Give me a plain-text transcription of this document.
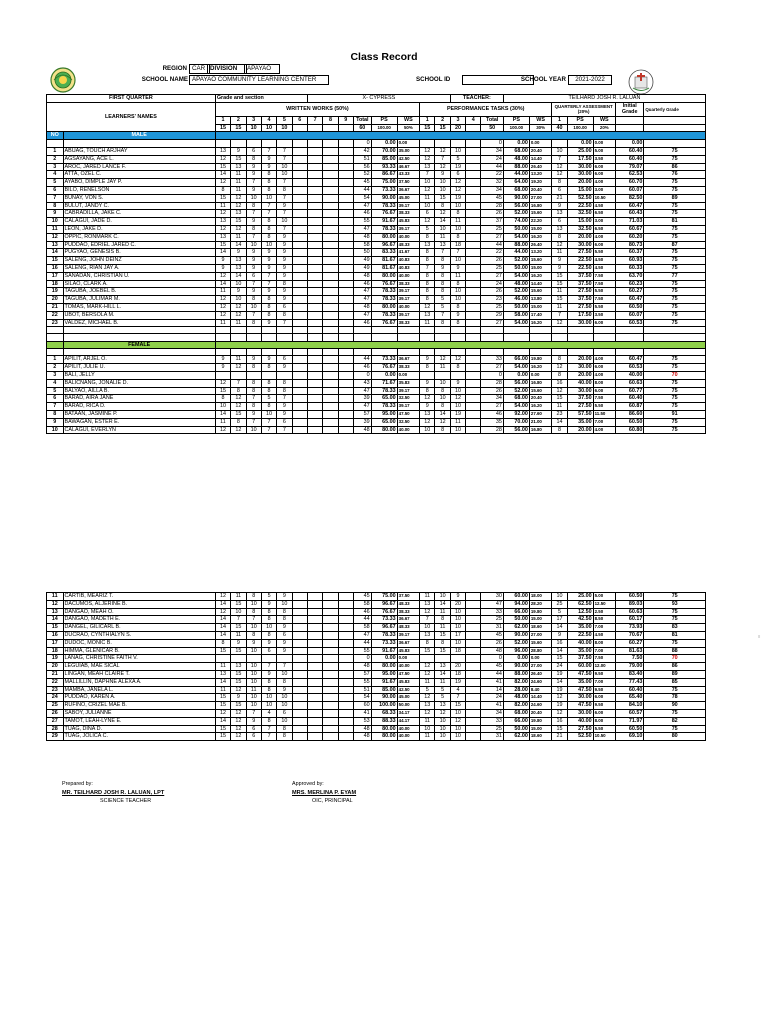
Class Record
REGION CAR DIVISION	APAYAO
SCHOOL NAME APAYAO COMMUNITY LEARNING CENTER	SCHOOL ID	SCHOOL YEAR	2021-2022
FIRST QUARTER		Grade and section						X- CYPRESS								TEACHER:			TEILHARD JOSH R. LALUAN						
LEARNERS' NAMES		WRITTEN WORKS (50%)												PERFORMANCE TASKS (30%)							QUARTERLY ASSESSMENT (20%)			Initial Grade	Quarterly Grade
		1	2	3	4	5	6	7	8	9	Total	PS	WS	1	2	3	4	Total	PS	WS	1	PS	WS		
		15	15	10	10	10					60	100.00	50%	15	15	20		50	100.00	30%	40	100.00	20%		
NO	MALE																								
											0	0.00	0.00					0	0.00	0.00		0.00	0.00	0.00	
1	ABUAG, TOUCH ARJHAY	13	9	6	7	7					42	70.00	35.00	12	12	10		34	68.00	20.40	10	25.00	5.00	60.40	75
2	AGSAYANG, ACE L.	12	15	8	9	7					51	85.00	42.50	12	7	5		24	48.00	14.40	7	17.50	3.50	60.40	75
3	AROC, JARED LANCE F.	15	13	9	9	10					56	93.33	46.67	13	12	19		44	88.00	26.40	12	30.00	6.00	79.07	86
4	ATTA, OZEL C.	14	11	9	8	10					52	86.67	43.33	7	9	6		22	44.00	13.20	12	30.00	6.00	62.53	76
5	AYABO, DIMPLE JAY P.	12	11	7	8	7					45	75.00	37.50	10	10	12		32	64.00	19.20	8	20.00	4.00	60.70	75
6	BILO, RENELSON	8	11	9	8	8					44	73.33	36.67	12	10	12		34	68.00	20.40	6	15.00	3.00	60.07	75
7	BUNAY, VON S.	15	12	10	10	7					54	90.00	45.00	11	15	19		45	90.00	27.00	21	52.50	10.50	82.50	89
8	BULUT, JANDY C.	11	12	8	7	9					47	78.33	39.17	10	8	10		28	56.00	16.80	9	22.50	4.50	60.47	75
9	CABRADILLA, JAKE C.	12	13	7	7	7					46	76.67	38.33	6	12	8		26	52.00	15.60	13	32.50	6.50	60.43	75
10	CALAGUI, JADE D.	13	15	9	8	10					55	91.67	45.83	12	14	11		37	74.00	22.20	6	15.00	3.00	71.03	81
11	LEON, JAKE D.	12	12	8	8	7					47	78.33	39.17	5	10	10		25	50.00	15.00	13	32.50	6.50	60.67	75
12	OPPIC, RONMARK C.	13	11	7	8	9					48	80.00	40.00	8	11	8		27	54.00	16.20	8	20.00	4.00	60.20	75
13	PUDDAO, EDRIEL JARED C.	15	14	10	10	9					58	96.67	48.33	13	13	18		44	88.00	26.40	12	30.00	6.00	80.73	87
14	PUGYAO, GENESIS B.	14	9	9	9	9					50	83.33	41.67	8	7	7		22	44.00	13.20	11	27.50	5.50	60.37	75
15	SALENG, JOHN DEINZ	9	13	9	9	9					49	81.67	40.83	8	8	10		26	52.00	15.60	9	22.50	4.50	60.93	75
16	SALENG, RIAN JAY A.	9	13	9	9	9					49	81.67	40.83	7	9	9		25	50.00	15.00	9	22.50	4.50	60.33	75
17	SANADAN, CHRISTIAN U.	12	14	6	7	9					48	80.00	40.00	8	8	11		27	54.00	16.20	15	37.50	7.50	63.70	77
18	SILAO, CLARK A.	14	10	7	7	8					46	76.67	38.33	8	8	8		24	48.00	14.40	15	37.50	7.50	60.23	75
19	TAGUBA, JOEBEL B.	11	9	9	9	9					47	78.33	39.17	8	8	10		26	52.00	15.60	11	27.50	5.50	60.27	75
20	TAGUBA, JULIMAR M.	12	10	8	8	9					47	78.33	39.17	8	5	10		23	46.00	13.80	15	37.50	7.50	60.47	75
21	TOMAS, MARK-HILL L.	12	12	10	8	6					48	80.00	40.00	12	5	8		25	50.00	15.00	11	27.50	5.50	60.50	75
22	UBOT, BERSOLA M.	12	12	7	8	8					47	78.33	39.17	13	7	9		29	58.00	17.40	7	17.50	3.50	60.07	75
23	VALDEZ, MICHAEL B.	11	11	8	9	7					46	76.67	38.33	11	8	8		27	54.00	16.20	12	30.00	6.00	60.53	75

	FEMALE																								

1	APILIT, ARJEL O.	9	11	9	9	6					44	73.33	36.67	9	12	12		33	66.00	19.80	8	20.00	4.00	60.47	75
2	APILIT, JULIE U.	9	12	8	8	9					46	76.67	38.33	8	11	8		27	54.00	16.20	12	30.00	6.00	60.53	75
3	BALI, JELLY										0	0.00	0.00					0	0.00	0.00	8	20.00	4.00	40.00	70
4	BALICNANG, JONALIE D.	12	7	8	8	8					43	71.67	35.83	9	10	9		28	56.00	16.80	16	40.00	8.00	60.63	75
5	BALYAO, AILLA B.	15	8	8	8	8					47	78.33	39.17	8	8	10		26	52.00	15.60	12	30.00	6.00	60.77	75
6	BARAD, AIRA JANE	8	12	7	5	7					39	65.00	32.50	12	10	12		34	68.00	20.40	15	37.50	7.50	60.40	75
7	BARAD, RICA D.	10	12	8	8	9					47	78.33	39.17	9	8	10		27	54.00	16.20	11	27.50	5.50	60.87	75
8	BATAAN, JASMINE P.	14	15	9	10	9					57	95.00	47.50	13	14	19		46	92.00	27.60	23	57.50	11.50	86.60	91
9	BAWAGAN, ESTER E.	11	8	7	7	6					39	65.00	32.50	12	12	11		35	70.00	21.00	14	35.00	7.00	60.50	75
10	CALAGUI, EVERLYN	12	12	10	7	7					48	80.00	40.00	10	8	10		28	56.00	16.80	8	20.00	4.00	60.80	75
11	CARTIB, MEARIZ T.	12	11	8	5	9					45	75.00	37.50	11	10	9		30	60.00	18.00	10	25.00	5.00	60.50	75
12	DACUMOS, ALJERINE B.	14	15	10	9	10					58	96.67	48.33	13	14	20		47	94.00	28.20	25	62.50	12.50	89.03	93
13	DANGAO, MEAH O.	12	10	8	8	8					46	76.67	38.33	12	11	10		33	66.00	19.80	5	12.50	2.50	60.63	75
14	DANGAO, MADETH E.	14	7	7	8	8					44	73.33	36.67	7	8	10		25	50.00	15.00	17	42.50	8.50	60.17	75
15	DANGEL, GILICARL B.	14	15	10	10	9					58	96.67	48.33	10	11	10		31	62.00	18.60	14	35.00	7.00	73.93	83
16	DUCRAO, CYNTHIALYN S.	14	11	8	8	6					47	78.33	39.17	13	15	17		45	90.00	27.00	9	22.50	4.50	70.67	81
17	DUDOC, MONIC B.	8	9	9	9	9					44	73.33	36.67	8	8	10		26	52.00	15.60	16	40.00	8.00	60.27	75
18	HIMMA, GLENICAR B.	15	15	10	6	9					55	91.67	45.83	15	15	18		48	96.00	28.80	14	35.00	7.00	81.63	88
19	LANAG, CHRISTINE FAITH V.										0	0.00	0.00					0	0.00	0.00	15	37.50	7.50	7.50	70
20	LEGUIAB, MAE SICAL	11	13	10	7	7					48	80.00	40.00	12	13	20		45	90.00	27.00	24	60.00	12.00	79.00	86
21	LINGAN, MEAH CLAIRE T.	13	15	10	9	10					57	95.00	47.50	12	14	18		44	88.00	26.40	19	47.50	9.50	83.40	89
22	MALLILLIN, DAPHNE ALEXA A.	14	15	10	8	8					55	91.67	45.83	11	11	19		41	82.00	24.60	14	35.00	7.00	77.43	85
23	MAMBA, JANELA L.	11	12	11	8	9					51	85.00	42.50	5	5	4		14	28.00	8.40	19	47.50	9.50	60.40	75
24	PUDDAO, KAREN A.	15	9	10	10	10					54	90.00	45.00	12	5	7		24	48.00	14.40	12	30.00	6.00	65.40	78
25	RUFINO, CRIZEL MAE B.	15	15	10	10	10					60	100.00	50.00	13	13	15		41	82.00	24.60	19	47.50	9.50	84.10	90
26	SABOY, JULIANNE	12	12	7	4	6					41	68.33	34.17	12	12	10		34	68.00	20.40	12	30.00	6.00	60.57	75
27	TAMOT, LEAH-LYNE E.	14	12	9	8	10					53	88.33	44.17	11	10	12		33	66.00	19.80	16	40.00	8.00	71.97	82
28	TUAG, DINA D.	15	12	6	7	8					48	80.00	40.00	10	10	10		25	50.00	15.00	15	27.50	5.50	60.50	75
29	TUAG, JOLICA C.	15	12	6	7	8					48	80.00	40.00	11	10	10		31	62.00	18.60	21	52.50	10.50	69.10	80
≡
Prepared by:
MR. TEILHARD JOSH R. LALUAN, LPT
SCIENCE TEACHER
Approved by:
MRS. MERLINA P. EYAM
OIC, PRINCIPAL
